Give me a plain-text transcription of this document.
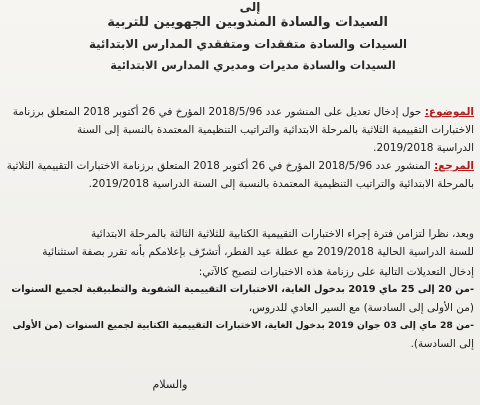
إلى
السيدات والسادة المندوبين الجهويين للتربية
السيدات والسادة متفقدات ومتفقدي المدارس الابتدائية
السيدات والسادة مديرات ومديري المدارس الابتدائية
الموضوع: حول إدخال تعديل على المنشور عدد 2018/5/96 المؤرخ في 26 أكتوبر 2018 المتعلق برزنامة
الاختبارات التقييمية الثلاثية بالمرحلة الابتدائية والتراتيب التنظيمية المعتمدة بالنسبة إلى السنة
الدراسية 2019/2018.
المرجع: المنشور عدد 2018/5/96 المؤرخ في 26 أكتوبر 2018 المتعلق برزنامة الاختبارات التقييمية الثلاثية
بالمرحلة الابتدائية والتراتيب التنظيمية المعتمدة بالنسبة إلى السنة الدراسية 2019/2018.
وبعد، نظرا لتزامن فترة إجراء الاختبارات التقييمية الكتابية للثلاثية الثالثة بالمرحلة الابتدائية
للسنة الدراسية الحالية 2019/2018 مع عطلة عيد الفطر، أتشرّف بإعلامكم بأنه تقرر بصفة استثنائية
إدخال التعديلات التالية على رزنامة هذه الاختبارات لتصبح كالآتي:
-من 20 إلى 25 ماي 2019 بدخول الغاية، الاختبارات التقييمية الشفوية والتطبيقية لجميع السنوات
(من الأولى إلى السادسة) مع السير العادي للدروس،
-من 28 ماي إلى 03 جوان 2019 بدخول الغاية، الاختبارات التقييمية الكتابية لجميع السنوات (من الأولى
إلى السادسة).
والسلام
